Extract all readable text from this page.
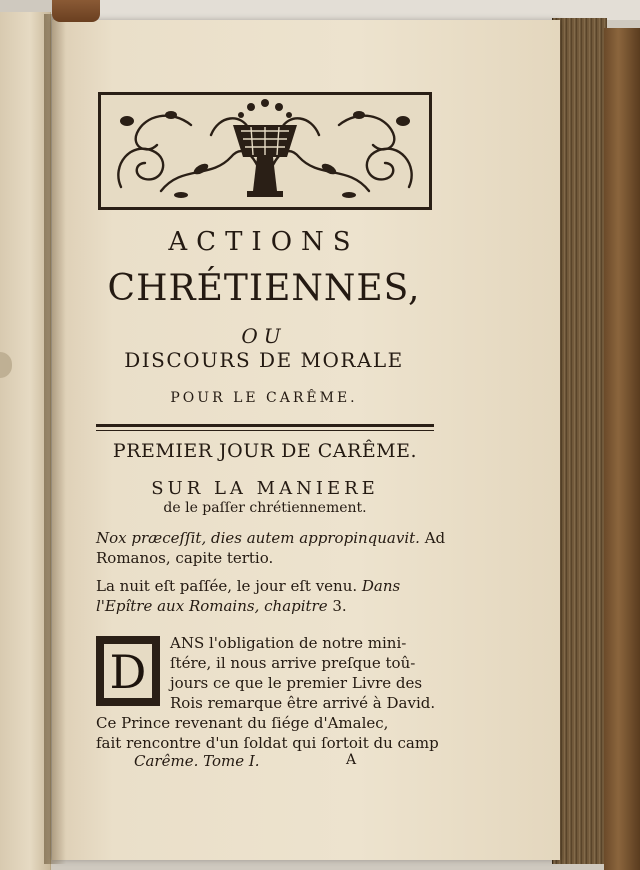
ACTIONS
CHRÉTIENNES,
OU
DISCOURS DE MORALE
POUR LE CARÊME.
PREMIER JOUR DE CARÊME.
SUR LA MANIERE
de le paſſer chrétiennement.
Nox præceſſit, dies autem appropinquavit. Ad
Romanos, capite tertio.
La nuit eſt paſſée, le jour eſt venu. Dans
l'Epître aux Romains, chapitre 3.
D
ANS l'obligation de notre mini-
ſtére, il nous arrive preſque toû-
jours ce que le premier Livre des
Rois remarque être arrivé à David.
Ce Prince revenant du ſiége d'Amalec,
fait rencontre d'un ſoldat qui ſortoit du camp
Carême. Tome I.	A
